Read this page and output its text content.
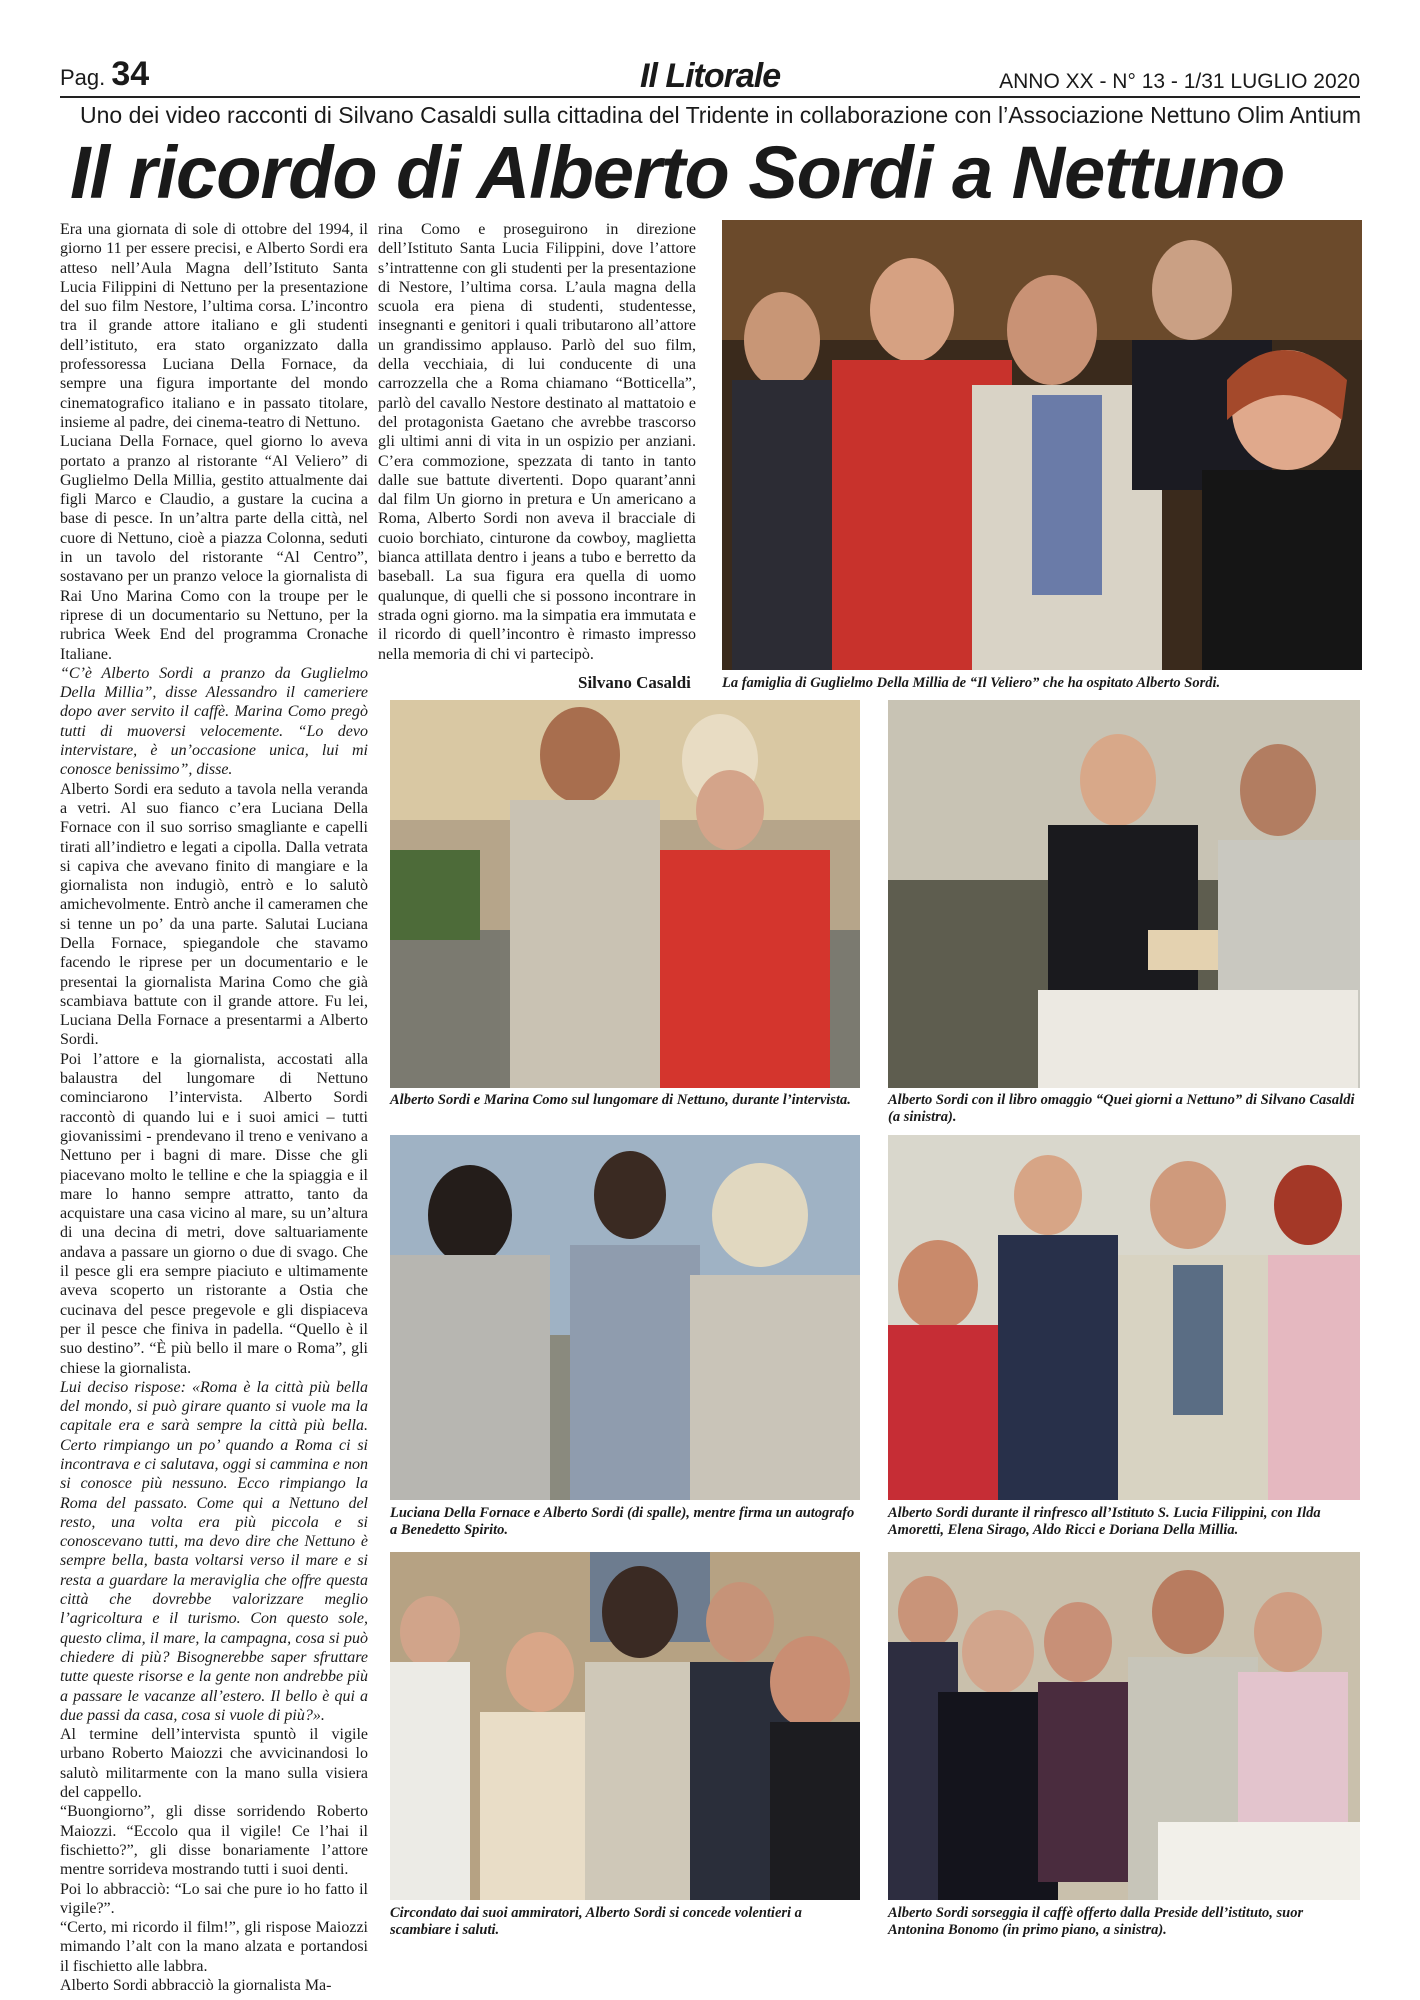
Pag. 34	Il Litorale	ANNO XX - N° 13 - 1/31 LUGLIO 2020
Uno dei video racconti di Silvano Casaldi sulla cittadina del Tridente in collaborazione con l’Associazione Nettuno Olim Antium
Il ricordo di Alberto Sordi a Nettuno

Era una giornata di sole di ottobre del 1994, il giorno 11 per essere precisi, e Alberto Sordi era atteso nell’Aula Magna dell’Istituto Santa Lucia Filippini di Nettuno per la presentazione del suo film Nestore, l’ultima corsa. L’incontro tra il grande attore italiano e gli studenti dell’istituto, era stato organizzato dalla professoressa Luciana Della Fornace, da sempre una figura importante del mondo cinematografico italiano e in passato titolare, insieme al padre, dei cinema-teatro di Nettuno.

Luciana Della Fornace, quel giorno lo aveva portato a pranzo al ristorante “Al Veliero” di Guglielmo Della Millia, gestito attualmente dai figli Marco e Claudio, a gustare la cucina a base di pesce. In un’altra parte della città, nel cuore di Nettuno, cioè a piazza Colonna, seduti in un tavolo del ristorante “Al Centro”, sostavano per un pranzo veloce la giornalista di Rai Uno Marina Como con la troupe per le riprese di un documentario su Nettuno, per la rubrica Week End del programma Cronache Italiane.

“C’è Alberto Sordi a pranzo da Guglielmo Della Millia”, disse Alessandro il cameriere dopo aver servito il caffè. Marina Como pregò tutti di muoversi velocemente. “Lo devo intervistare, è un’occasione unica, lui mi conosce benissimo”, disse.

Alberto Sordi era seduto a tavola nella veranda a vetri. Al suo fianco c’era Luciana Della Fornace con il suo sorriso smagliante e capelli tirati all’indietro e legati a cipolla. Dalla vetrata si capiva che avevano finito di mangiare e la giornalista non indugiò, entrò e lo salutò amichevolmente. Entrò anche il cameramen che si tenne un po’ da una parte. Salutai Luciana Della Fornace, spiegandole che stavamo facendo le riprese per un documentario e le presentai la giornalista Marina Como che già scambiava battute con il grande attore. Fu lei, Luciana Della Fornace a presentarmi a Alberto Sordi.

Poi l’attore e la giornalista, accostati alla balaustra del lungomare di Nettuno cominciarono l’intervista. Alberto Sordi raccontò di quando lui e i suoi amici – tutti giovanissimi - prendevano il treno e venivano a Nettuno per i bagni di mare. Disse che gli piacevano molto le telline e che la spiaggia e il mare lo hanno sempre attratto, tanto da acquistare una casa vicino al mare, su un’altura di una decina di metri, dove saltuariamente andava a passare un giorno o due di svago. Che il pesce gli era sempre piaciuto e ultimamente aveva scoperto un ristorante a Ostia che cucinava del pesce pregevole e gli dispiaceva per il pesce che finiva in padella. “Quello è il suo destino”. “È più bello il mare o Roma”, gli chiese la giornalista.

Lui deciso rispose: «Roma è la città più bella del mondo, si può girare quanto si vuole ma la capitale era e sarà sempre la città più bella. Certo rimpiango un po’ quando a Roma ci si incontrava e ci salutava, oggi si cammina e non si conosce più nessuno. Ecco rimpiango la Roma del passato. Come qui a Nettuno del resto, una volta era più piccola e si conoscevano tutti, ma devo dire che Nettuno è sempre bella, basta voltarsi verso il mare e si resta a guardare la meraviglia che offre questa città che dovrebbe valorizzare meglio l’agricoltura e il turismo. Con questo sole, questo clima, il mare, la campagna, cosa si può chiedere di più? Bisognerebbe saper sfruttare tutte queste risorse e la gente non andrebbe più a passare le vacanze all’estero. Il bello è qui a due passi da casa, cosa si vuole di più?».

Al termine dell’intervista spuntò il vigile urbano Roberto Maiozzi che avvicinandosi lo salutò militarmente con la mano sulla visiera del cappello.

“Buongiorno”, gli disse sorridendo Roberto Maiozzi. “Eccolo qua il vigile! Ce l’hai il fischietto?”, gli disse bonariamente l’attore mentre sorrideva mostrando tutti i suoi denti.

Poi lo abbracciò: “Lo sai che pure io ho fatto il vigile?”.

“Certo, mi ricordo il film!”, gli rispose Maiozzi mimando l’alt con la mano alzata e portandosi il fischietto alle labbra.

Alberto Sordi abbracciò la giornalista Ma-

rina Como e proseguirono in direzione dell’Istituto Santa Lucia Filippini, dove l’attore s’intrattenne con gli studenti per la presentazione di Nestore, l’ultima corsa. L’aula magna della scuola era piena di studenti, studentesse, insegnanti e genitori i quali tributarono all’attore un grandissimo applauso. Parlò del suo film, della vecchiaia, di lui conducente di una carrozzella che a Roma chiamano “Botticella”, parlò del cavallo Nestore destinato al mattatoio e del protagonista Gaetano che avrebbe trascorso gli ultimi anni di vita in un ospizio per anziani. C’era commozione, spezzata di tanto in tanto dalle sue battute divertenti. Dopo quarant’anni dal film Un giorno in pretura e Un americano a Roma, Alberto Sordi non aveva il bracciale di cuoio borchiato, cinturone da cowboy, maglietta bianca attillata dentro i jeans a tubo e berretto da baseball. La sua figura era quella di uomo qualunque, di quelli che si possono incontrare in strada ogni giorno. ma la simpatia era immutata e il ricordo di quell’incontro è rimasto impresso nella memoria di chi vi partecipò.

Silvano Casaldi La famiglia di Guglielmo Della Millia de “Il Veliero” che ha ospitato Alberto Sordi.
Alberto Sordi e Marina Como sul lungomare di Nettuno, durante l’intervista.	Alberto Sordi con il libro omaggio “Quei giorni a Nettuno” di Silvano Casaldi (a sinistra).
Luciana Della Fornace e Alberto Sordi (di spalle), mentre firma un autografo a Benedetto Spirito.
Alberto Sordi durante il rinfresco all’Istituto S. Lucia Filippini, con Ilda Amoretti, Elena Sirago, Aldo Ricci e Doriana Della Millia.
Circondato dai suoi ammiratori, Alberto Sordi si concede volentieri a scambiare i saluti.
Alberto Sordi sorseggia il caffè offerto dalla Preside dell’istituto, suor Antonina Bonomo (in primo piano, a sinistra).
